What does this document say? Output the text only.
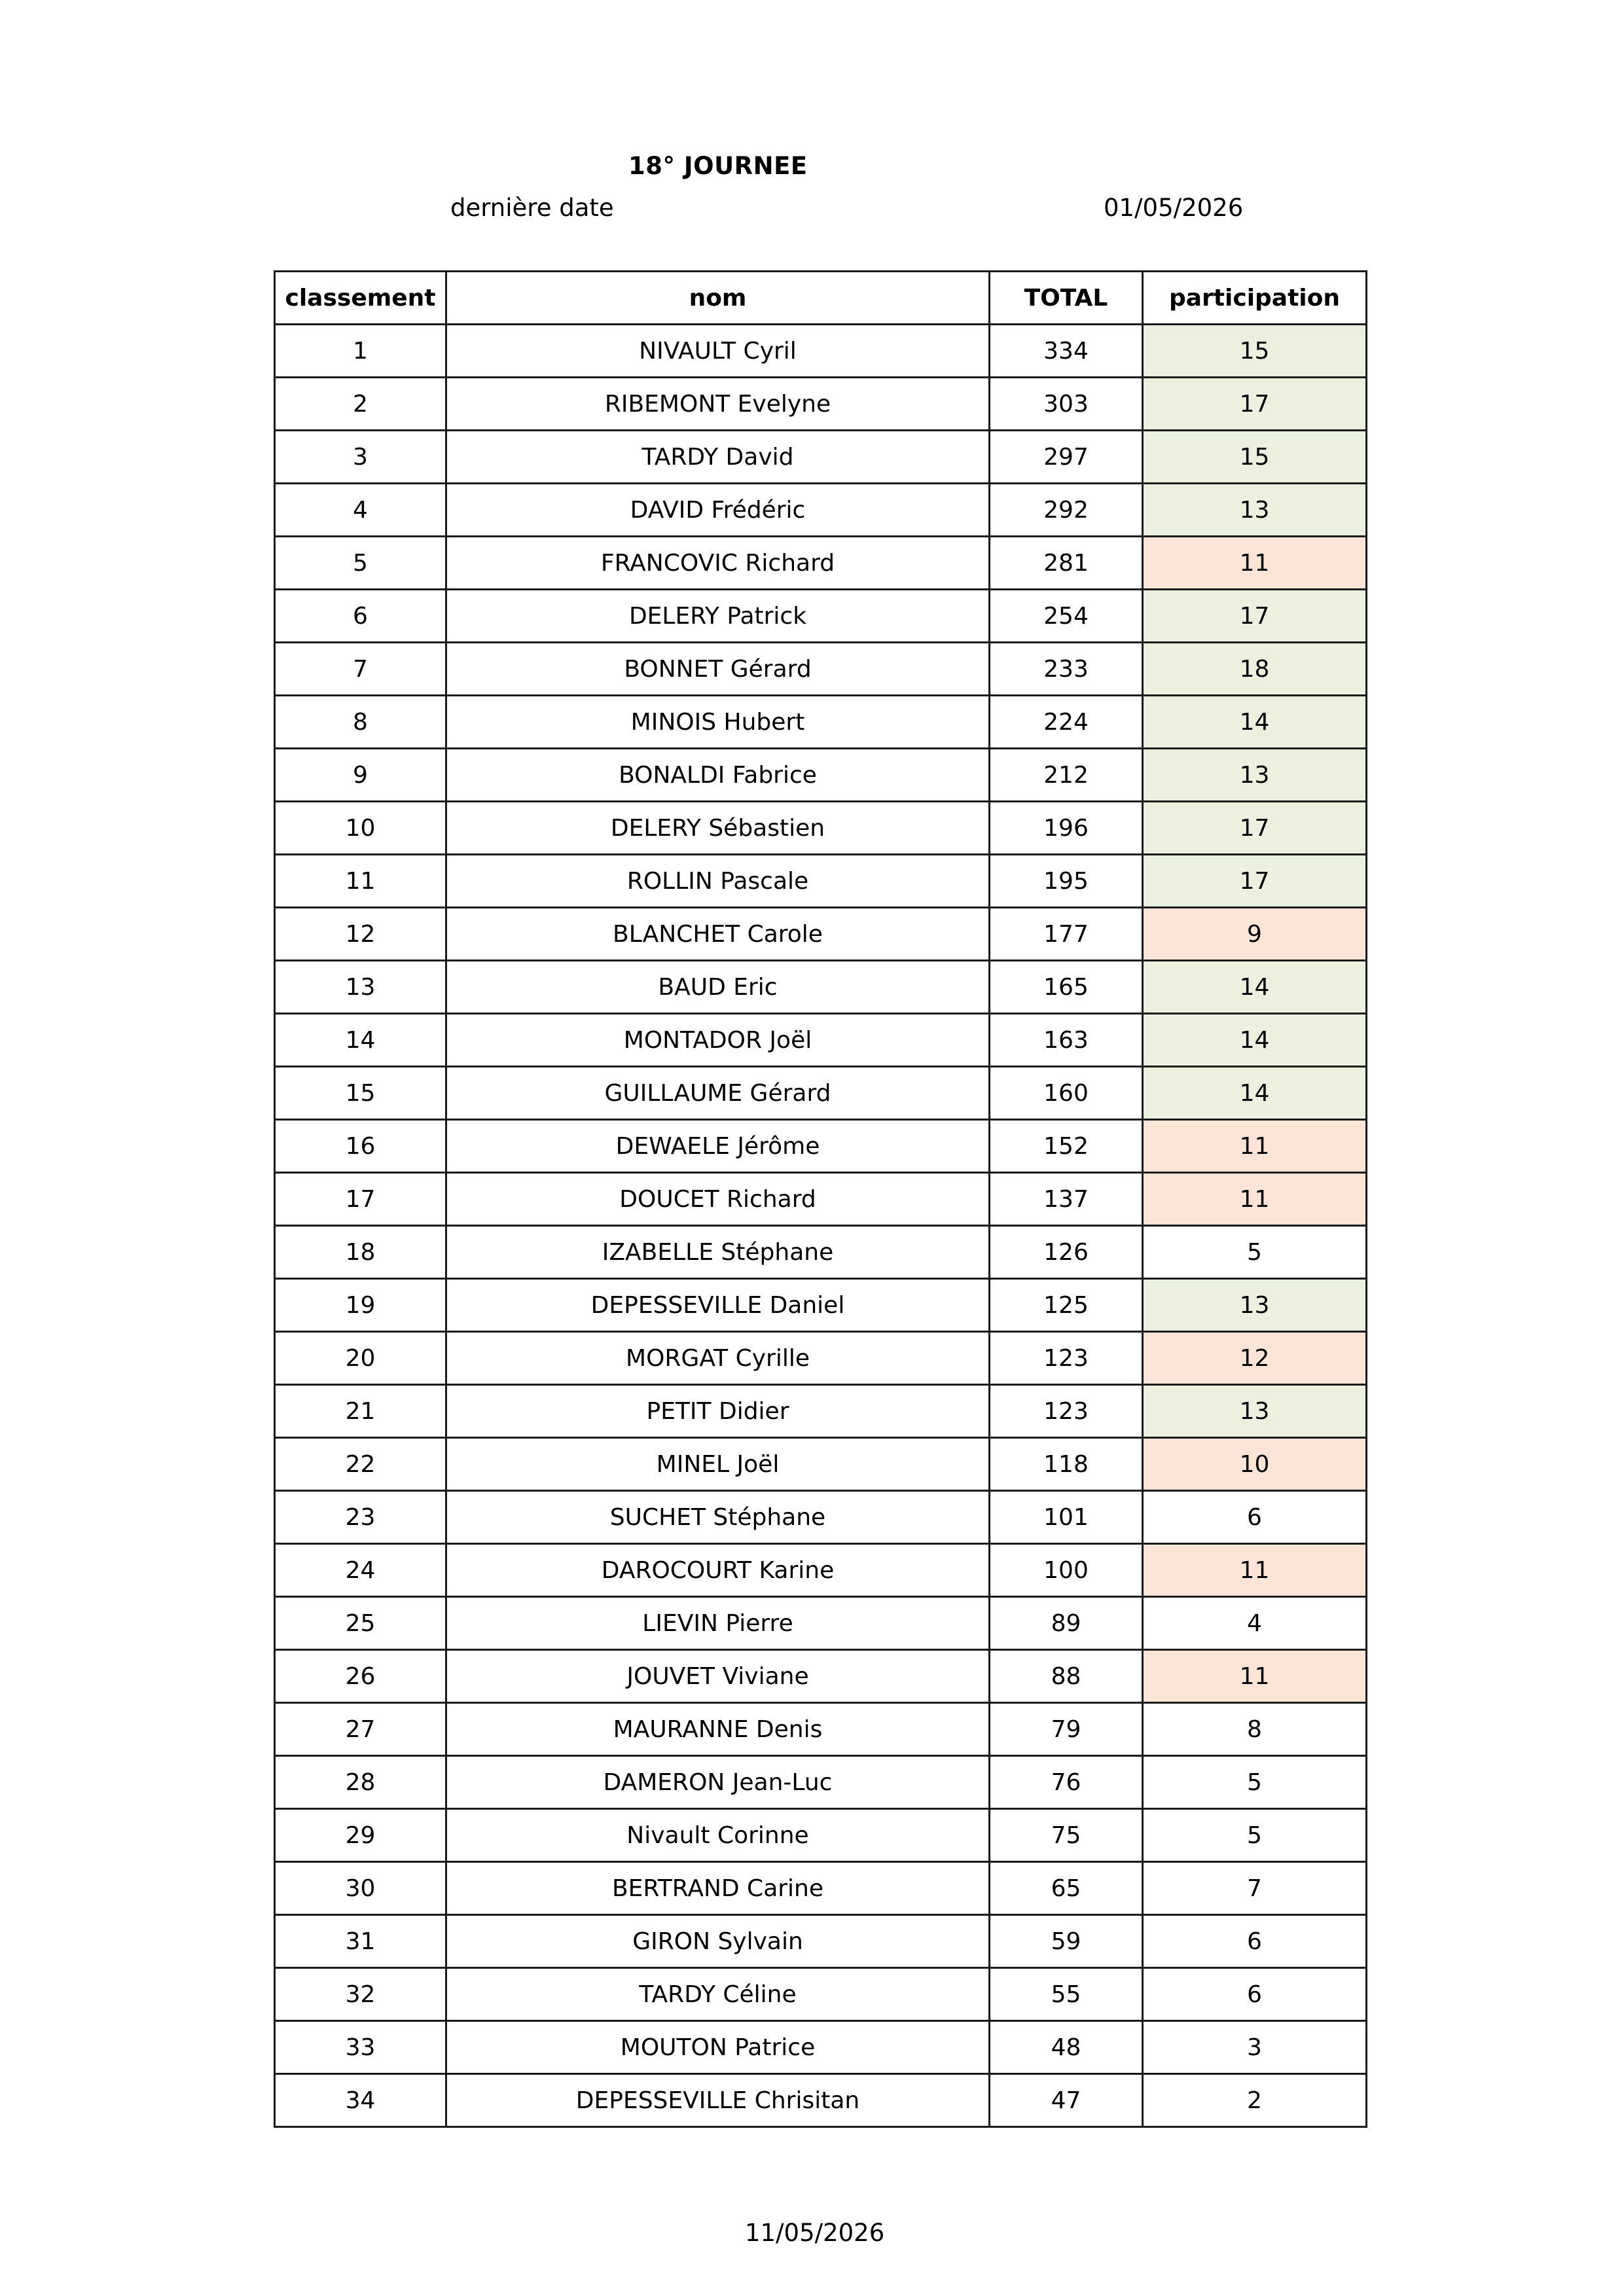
18° JOURNEE
dernière date	01/05/2026
classement	nom	TOTAL	participation
1	NIVAULT Cyril	334	15
2	RIBEMONT Evelyne	303	17
3	TARDY David	297	15
4	DAVID Frédéric	292	13
5	FRANCOVIC Richard	281	11
6	DELERY Patrick	254	17
7	BONNET Gérard	233	18
8	MINOIS Hubert	224	14
9	BONALDI Fabrice	212	13
10	DELERY Sébastien	196	17
11	ROLLIN Pascale	195	17
12	BLANCHET Carole	177	9
13	BAUD Eric	165	14
14	MONTADOR Joël	163	14
15	GUILLAUME Gérard	160	14
16	DEWAELE Jérôme	152	11
17	DOUCET Richard	137	11
18	IZABELLE Stéphane	126	5
19	DEPESSEVILLE Daniel	125	13
20	MORGAT Cyrille	123	12
21	PETIT Didier	123	13
22	MINEL Joël	118	10
23	SUCHET Stéphane	101	6
24	DAROCOURT Karine	100	11
25	LIEVIN Pierre	89	4
26	JOUVET Viviane	88	11
27	MAURANNE Denis	79	8
28	DAMERON Jean-Luc	76	5
29	Nivault Corinne	75	5
30	BERTRAND Carine	65	7
31	GIRON Sylvain	59	6
32	TARDY Céline	55	6
33	MOUTON Patrice	48	3
34	DEPESSEVILLE Chrisitan	47	2
11/05/2026
